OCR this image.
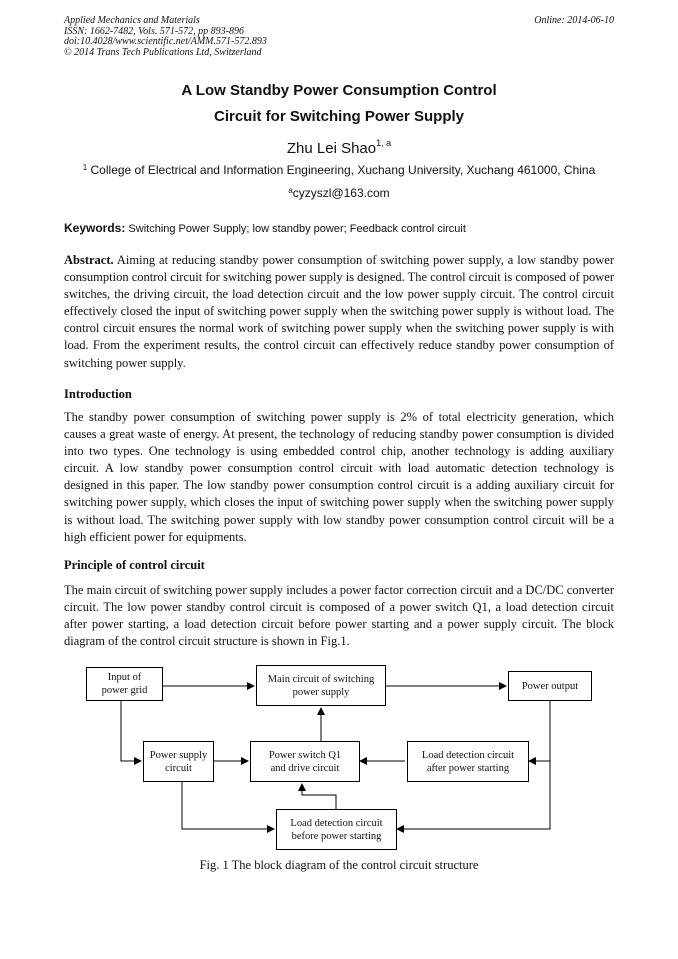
Applied Mechanics and Materials
ISSN: 1662-7482, Vols. 571-572, pp 893-896
doi:10.4028/www.scientific.net/AMM.571-572.893
© 2014 Trans Tech Publications Ltd, Switzerland
Online: 2014-06-10
A Low Standby Power Consumption Control
Circuit for Switching Power Supply
Zhu Lei Shao$^{1, a}$
$^1$ College of Electrical and Information Engineering, Xuchang University, Xuchang 461000, China
$^a$cyzyszl@163.com
Keywords: Switching Power Supply; low standby power; Feedback control circuit

Abstract. Aiming at reducing standby power consumption of switching power supply, a low standby power consumption control circuit for switching power supply is designed. The control circuit is composed of power switches, the driving circuit, the load detection circuit and the low power supply circuit. The control circuit effectively closed the input of switching power supply when the switching power supply is without load. The control circuit ensures the normal work of switching power supply when the switching power supply is with load. From the experiment results, the control circuit can effectively reduce standby power consumption of switching power supply.

Introduction

The standby power consumption of switching power supply is 2% of total electricity generation, which causes a great waste of energy. At present, the technology of reducing standby power consumption is divided into two types. One technology is using embedded control chip, another technology is adding auxiliary circuit. A low standby power consumption control circuit with load automatic detection technology is designed in this paper. The low standby power consumption control circuit is a adding auxiliary circuit for switching power supply, which closes the input of switching power supply when the switching power supply is without load. The switching power supply with low standby power consumption control circuit will be a high efficient power for equipments.

Principle of control circuit

The main circuit of switching power supply includes a power factor correction circuit and a DC/DC converter circuit. The low power standby control circuit is composed of a power switch Q1, a load detection circuit after power starting, a load detection circuit before power starting and a power supply circuit. The block diagram of the control circuit structure is shown in Fig.1.

Input of
power grid
Main circuit of switching
power supply
Power output
Power supply
circuit
Power switch Q1
and drive circuit
Load detection circuit
after power starting
Load detection circuit
before power starting
Fig. 1 The block diagram of the control circuit structure
